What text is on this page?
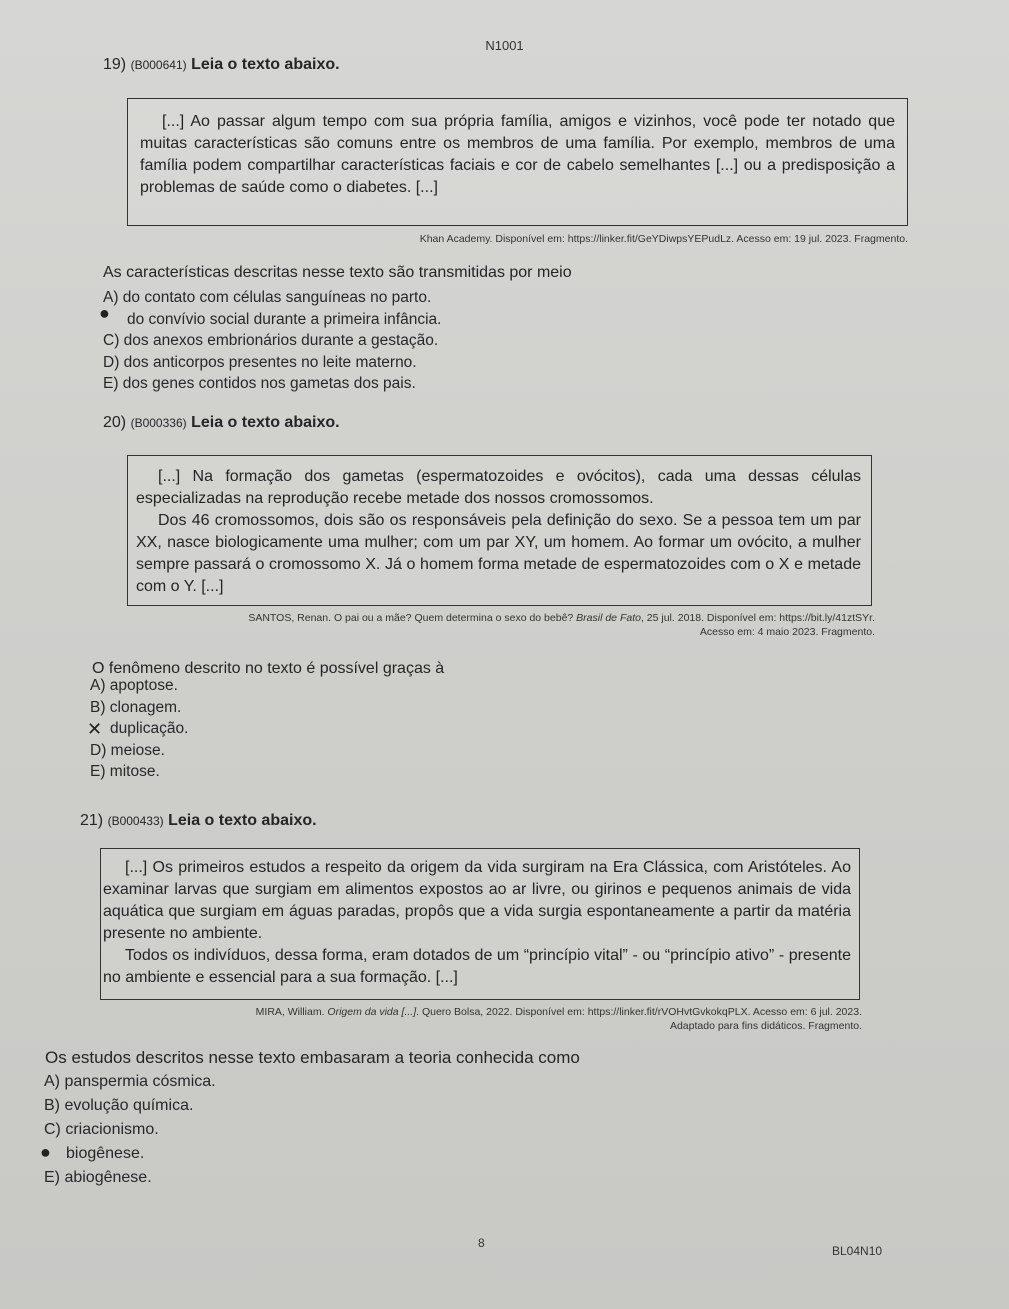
N1001
19) (B000641) Leia o texto abaixo.

[...] Ao passar algum tempo com sua própria família, amigos e vizinhos, você pode ter notado que muitas características são comuns entre os membros de uma família. Por exemplo, membros de uma família podem compartilhar características faciais e cor de cabelo semelhantes [...] ou a predisposição a problemas de saúde como o diabetes. [...]

Khan Academy. Disponível em: https://linker.fit/GeYDiwpsYEPudLz. Acesso em: 19 jul. 2023. Fragmento.
As características descritas nesse texto são transmitidas por meio
A) do contato com células sanguíneas no parto.
do convívio social durante a primeira infância.
C) dos anexos embrionários durante a gestação.
D) dos anticorpos presentes no leite materno.
E) dos genes contidos nos gametas dos pais.
●
20) (B000336) Leia o texto abaixo.

[...] Na formação dos gametas (espermatozoides e ovócitos), cada uma dessas células especializadas na reprodução recebe metade dos nossos cromossomos.

Dos 46 cromossomos, dois são os responsáveis pela definição do sexo. Se a pessoa tem um par XX, nasce biologicamente uma mulher; com um par XY, um homem. Ao formar um ovócito, a mulher sempre passará o cromossomo X. Já o homem forma metade de espermatozoides com o X e metade com o Y. [...]

SANTOS, Renan. O pai ou a mãe? Quem determina o sexo do bebê? Brasil de Fato, 25 jul. 2018. Disponível em: https://bit.ly/41ztSYr.
Acesso em: 4 maio 2023. Fragmento.
O fenômeno descrito no texto é possível graças à
A) apoptose.
B) clonagem.
duplicação.
D) meiose.
E) mitose.
✕
21) (B000433) Leia o texto abaixo.

[...] Os primeiros estudos a respeito da origem da vida surgiram na Era Clássica, com Aristóteles. Ao examinar larvas que surgiam em alimentos expostos ao ar livre, ou girinos e pequenos animais de vida aquática que surgiam em águas paradas, propôs que a vida surgia espontaneamente a partir da matéria presente no ambiente.

Todos os indivíduos, dessa forma, eram dotados de um “princípio vital” - ou “princípio ativo” - presente no ambiente e essencial para a sua formação. [...]

MIRA, William. Origem da vida [...]. Quero Bolsa, 2022. Disponível em: https://linker.fit/rVOHvtGvkokqPLX. Acesso em: 6 jul. 2023.
Adaptado para fins didáticos. Fragmento.
Os estudos descritos nesse texto embasaram a teoria conhecida como
A) panspermia cósmica.
B) evolução química.
C) criacionismo.
biogênese.
E) abiogênese.
●
8
BL04N10
